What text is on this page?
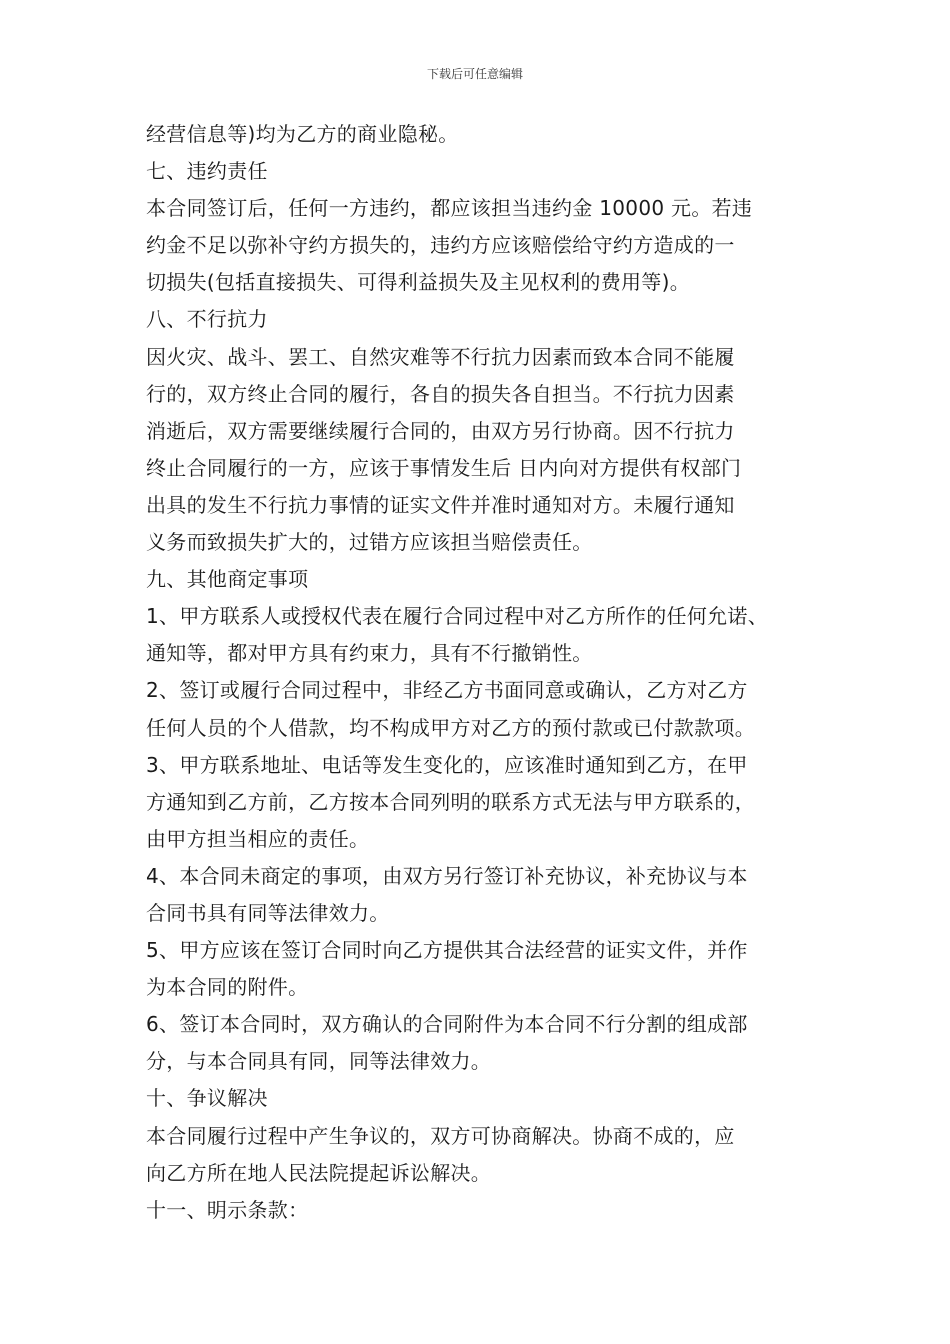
下载后可任意编辑
经营信息等)均为乙方的商业隐秘。
七、违约责任
本合同签订后，任何一方违约，都应该担当违约金 10000 元。若违
约金不足以弥补守约方损失的，违约方应该赔偿给守约方造成的一
切损失(包括直接损失、可得利益损失及主见权利的费用等)。
八、不行抗力
因火灾、战斗、罢工、自然灾难等不行抗力因素而致本合同不能履
行的，双方终止合同的履行，各自的损失各自担当。不行抗力因素
消逝后，双方需要继续履行合同的，由双方另行协商。因不行抗力
终止合同履行的一方，应该于事情发生后 日内向对方提供有权部门
出具的发生不行抗力事情的证实文件并准时通知对方。未履行通知
义务而致损失扩大的，过错方应该担当赔偿责任。
九、其他商定事项
1、甲方联系人或授权代表在履行合同过程中对乙方所作的任何允诺、
通知等，都对甲方具有约束力，具有不行撤销性。
2、签订或履行合同过程中，非经乙方书面同意或确认，乙方对乙方
任何人员的个人借款，均不构成甲方对乙方的预付款或已付款款项。
3、甲方联系地址、电话等发生变化的，应该准时通知到乙方，在甲
方通知到乙方前，乙方按本合同列明的联系方式无法与甲方联系的，
由甲方担当相应的责任。
4、本合同未商定的事项，由双方另行签订补充协议，补充协议与本
合同书具有同等法律效力。
5、甲方应该在签订合同时向乙方提供其合法经营的证实文件，并作
为本合同的附件。
6、签订本合同时，双方确认的合同附件为本合同不行分割的组成部
分，与本合同具有同，同等法律效力。
十、争议解决
本合同履行过程中产生争议的，双方可协商解决。协商不成的，应
向乙方所在地人民法院提起诉讼解决。
十一、明示条款：
